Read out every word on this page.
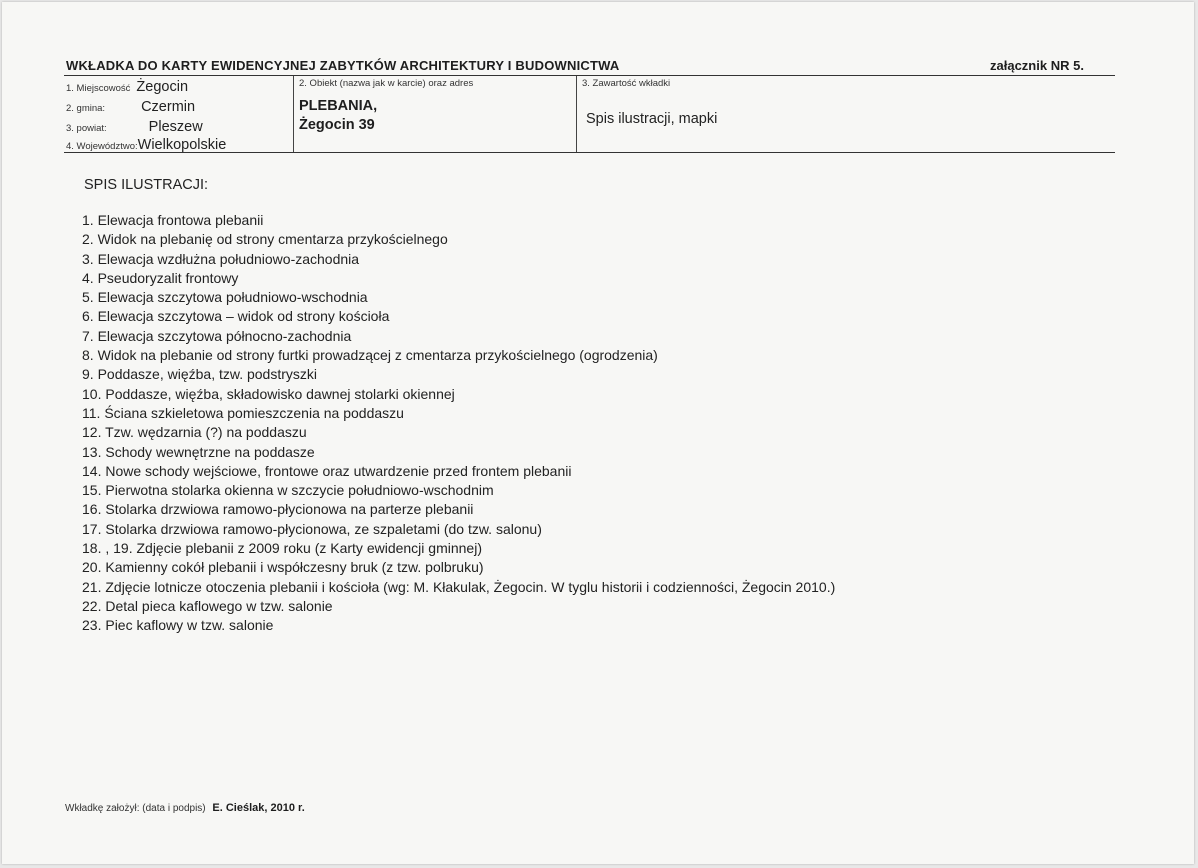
WKŁADKA DO KARTY EWIDENCYJNEJ ZABYTKÓW ARCHITEKTURY I BUDOWNICTWA	załącznik NR 5.
1. Miejscowość Żegocin
2. gmina: Czermin
3. powiat:	Pleszew
4. Województwo:Wielkopolskie
2. Obiekt (nazwa jak w karcie) oraz adres
PLEBANIA,
Żegocin 39
3. Zawartość wkładki
Spis ilustracji, mapki
SPIS ILUSTRACJI:
1. Elewacja frontowa plebanii
2. Widok na plebanię od strony cmentarza przykościelnego
3. Elewacja wzdłużna południowo-zachodnia
4. Pseudoryzalit frontowy
5. Elewacja szczytowa południowo-wschodnia
6. Elewacja szczytowa – widok od strony kościoła
7. Elewacja szczytowa północno-zachodnia
8. Widok na plebanie od strony furtki prowadzącej z cmentarza przykościelnego (ogrodzenia)
9. Poddasze, więźba, tzw. podstryszki
10. Poddasze, więźba, składowisko dawnej stolarki okiennej
11. Ściana szkieletowa pomieszczenia na poddaszu
12. Tzw. wędzarnia (?) na poddaszu
13. Schody wewnętrzne na poddasze
14. Nowe schody wejściowe, frontowe oraz utwardzenie przed frontem plebanii
15. Pierwotna stolarka okienna w szczycie południowo-wschodnim
16. Stolarka drzwiowa ramowo-płycionowa na parterze plebanii
17. Stolarka drzwiowa ramowo-płycionowa, ze szpaletami (do tzw. salonu)
18. , 19. Zdjęcie plebanii z 2009 roku (z Karty ewidencji gminnej)
20. Kamienny cokół plebanii i współczesny bruk (z tzw. polbruku)
21. Zdjęcie lotnicze otoczenia plebanii i kościoła (wg: M. Kłakulak, Żegocin. W tyglu historii i codzienności, Żegocin 2010.)
22. Detal pieca kaflowego w tzw. salonie
23. Piec kaflowy w tzw. salonie
Wkładkę założył: (data i podpis) E. Cieślak, 2010 r.
